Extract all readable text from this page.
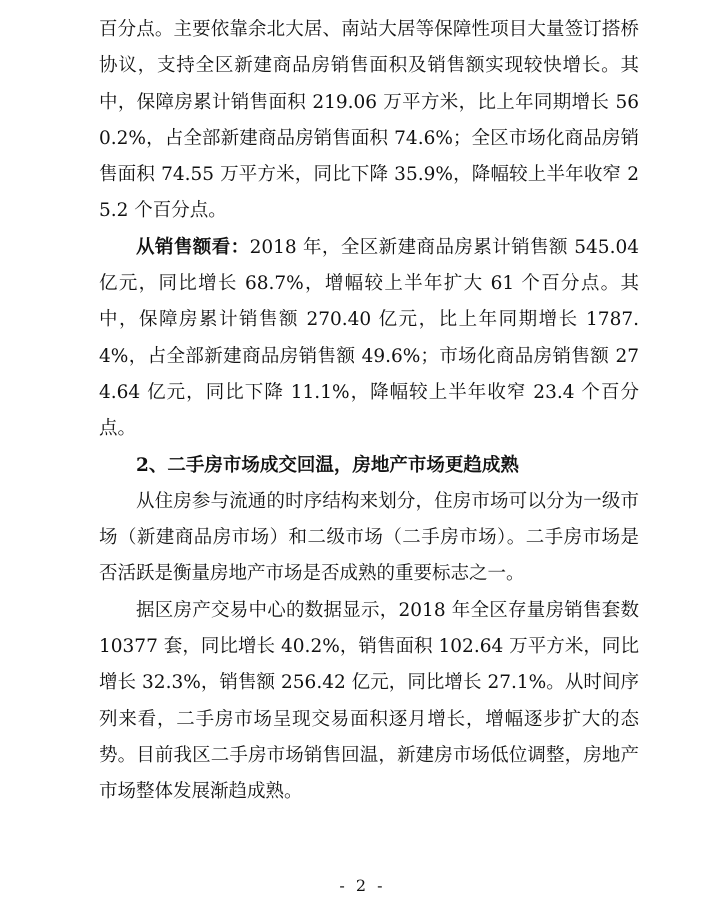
百分点。主要依靠余北大居、南站大居等保障性项目大量签订搭桥协议，支持全区新建商品房销售面积及销售额实现较快增长。其中，保障房累计销售面积 219.06 万平方米，比上年同期增长 560.2%，占全部新建商品房销售面积 74.6%；全区市场化商品房销售面积 74.55 万平方米，同比下降 35.9%，降幅较上半年收窄 25.2 个百分点。

从销售额看：2018 年，全区新建商品房累计销售额 545.04 亿元，同比增长 68.7%，增幅较上半年扩大 61 个百分点。其中，保障房累计销售额 270.40 亿元，比上年同期增长 1787.4%，占全部新建商品房销售额 49.6%；市场化商品房销售额 274.64 亿元，同比下降 11.1%，降幅较上半年收窄 23.4 个百分点。

2、二手房市场成交回温，房地产市场更趋成熟

从住房参与流通的时序结构来划分，住房市场可以分为一级市场（新建商品房市场）和二级市场（二手房市场）。二手房市场是否活跃是衡量房地产市场是否成熟的重要标志之一。

据区房产交易中心的数据显示，2018 年全区存量房销售套数 10377 套，同比增长 40.2%，销售面积 102.64 万平方米，同比增长 32.3%，销售额 256.42 亿元，同比增长 27.1%。从时间序列来看，二手房市场呈现交易面积逐月增长，增幅逐步扩大的态势。目前我区二手房市场销售回温，新建房市场低位调整，房地产市场整体发展渐趋成熟。

- 2 -
